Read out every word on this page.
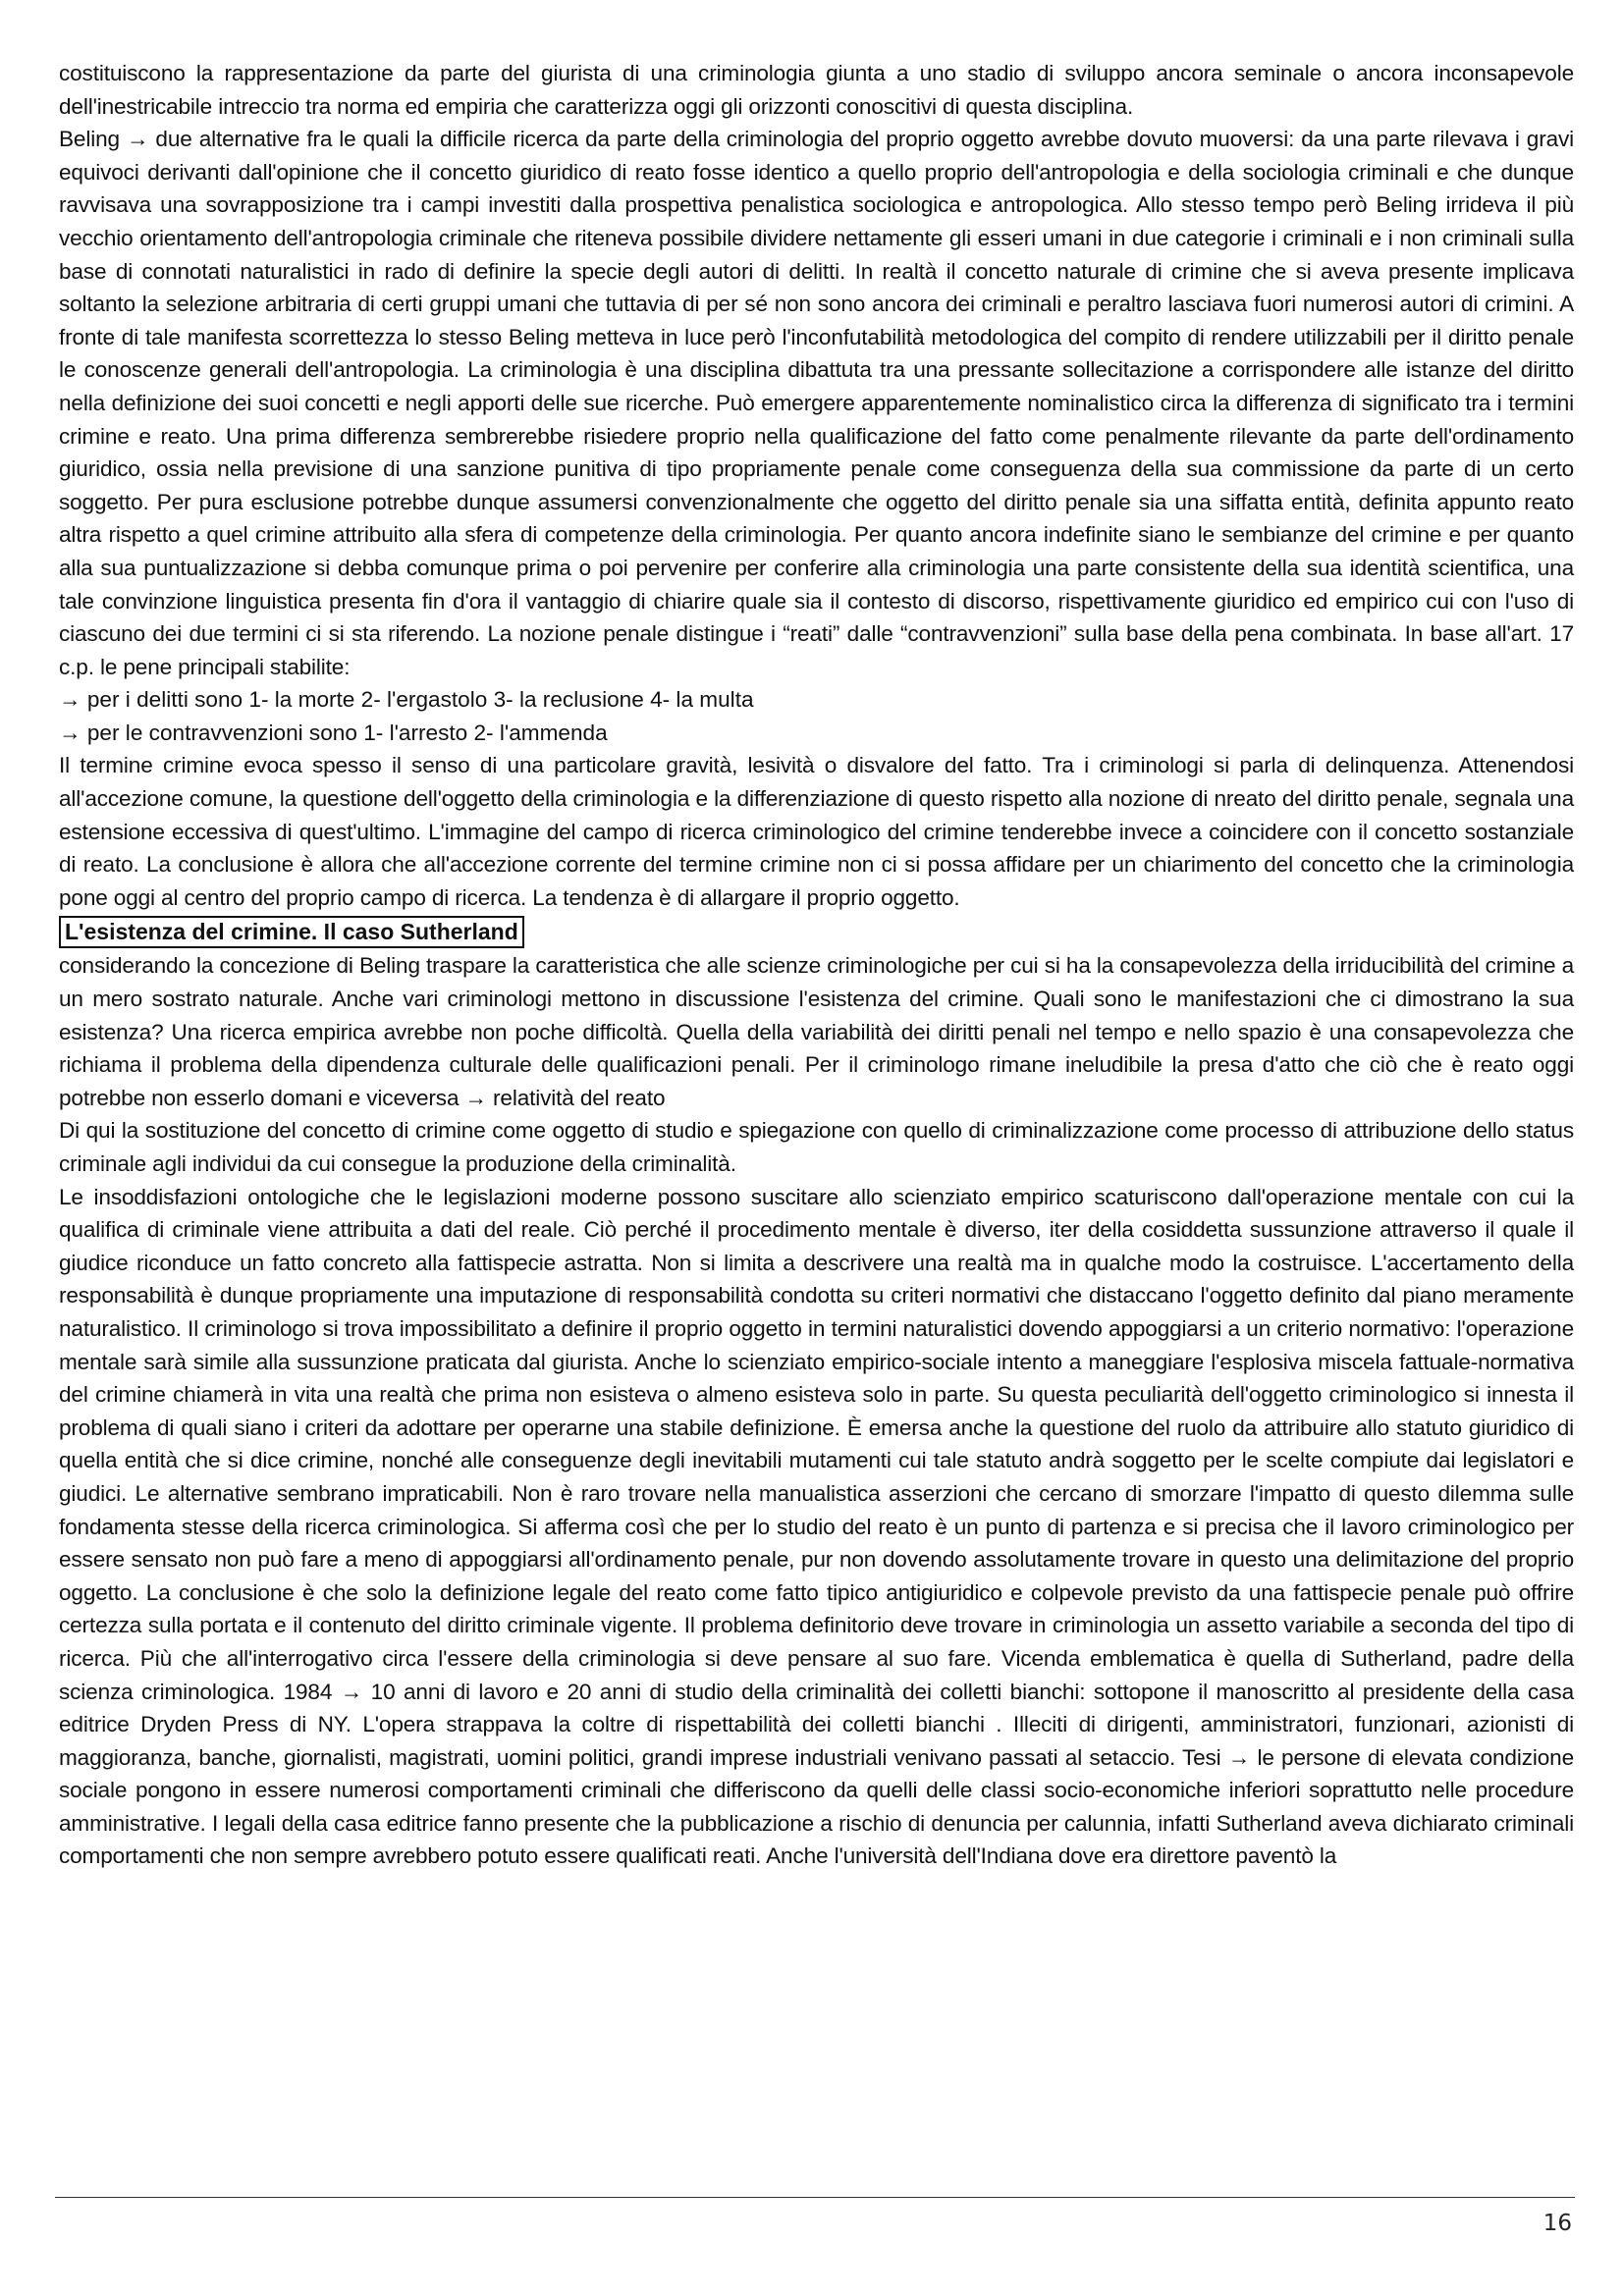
costituiscono la rappresentazione da parte del giurista di una criminologia giunta a uno stadio di sviluppo ancora seminale o ancora inconsapevole dell'inestricabile intreccio tra norma ed empiria che caratterizza oggi gli orizzonti conoscitivi di questa disciplina.

Beling → due alternative fra le quali la difficile ricerca da parte della criminologia del proprio oggetto avrebbe dovuto muoversi: da una parte rilevava i gravi equivoci derivanti dall'opinione che il concetto giuridico di reato fosse identico a quello proprio dell'antropologia e della sociologia criminali e che dunque ravvisava una sovrapposizione tra i campi investiti dalla prospettiva penalistica sociologica e antropologica. Allo stesso tempo però Beling irrideva il più vecchio orientamento dell'antropologia criminale che riteneva possibile dividere nettamente gli esseri umani in due categorie i criminali e i non criminali sulla base di connotati naturalistici in rado di definire la specie degli autori di delitti. In realtà il concetto naturale di crimine che si aveva presente implicava soltanto la selezione arbitraria di certi gruppi umani che tuttavia di per sé non sono ancora dei criminali e peraltro lasciava fuori numerosi autori di crimini. A fronte di tale manifesta scorrettezza lo stesso Beling metteva in luce però l'inconfutabilità metodologica del compito di rendere utilizzabili per il diritto penale le conoscenze generali dell'antropologia. La criminologia è una disciplina dibattuta tra una pressante sollecitazione a corrispondere alle istanze del diritto nella definizione dei suoi concetti e negli apporti delle sue ricerche. Può emergere apparentemente nominalistico circa la differenza di significato tra i termini crimine e reato. Una prima differenza sembrerebbe risiedere proprio nella qualificazione del fatto come penalmente rilevante da parte dell'ordinamento giuridico, ossia nella previsione di una sanzione punitiva di tipo propriamente penale come conseguenza della sua commissione da parte di un certo soggetto. Per pura esclusione potrebbe dunque assumersi convenzionalmente che oggetto del diritto penale sia una siffatta entità, definita appunto reato altra rispetto a quel crimine attribuito alla sfera di competenze della criminologia. Per quanto ancora indefinite siano le sembianze del crimine e per quanto alla sua puntualizzazione si debba comunque prima o poi pervenire per conferire alla criminologia una parte consistente della sua identità scientifica, una tale convinzione linguistica presenta fin d'ora il vantaggio di chiarire quale sia il contesto di discorso, rispettivamente giuridico ed empirico cui con l'uso di ciascuno dei due termini ci si sta riferendo. La nozione penale distingue i “reati” dalle “contravvenzioni” sulla base della pena combinata. In base all'art. 17 c.p. le pene principali stabilite:

→ per i delitti sono 1- la morte 2- l'ergastolo 3- la reclusione 4- la multa

→ per le contravvenzioni sono 1- l'arresto 2- l'ammenda

Il termine crimine evoca spesso il senso di una particolare gravità, lesività o disvalore del fatto. Tra i criminologi si parla di delinquenza. Attenendosi all'accezione comune, la questione dell'oggetto della criminologia e la differenziazione di questo rispetto alla nozione di nreato del diritto penale, segnala una estensione eccessiva di quest'ultimo. L'immagine del campo di ricerca criminologico del crimine tenderebbe invece a coincidere con il concetto sostanziale di reato. La conclusione è allora che all'accezione corrente del termine crimine non ci si possa affidare per un chiarimento del concetto che la criminologia pone oggi al centro del proprio campo di ricerca. La tendenza è di allargare il proprio oggetto.

L'esistenza del crimine. Il caso Sutherland

considerando la concezione di Beling traspare la caratteristica che alle scienze criminologiche per cui si ha la consapevolezza della irriducibilità del crimine a un mero sostrato naturale. Anche vari criminologi mettono in discussione l'esistenza del crimine. Quali sono le manifestazioni che ci dimostrano la sua esistenza? Una ricerca empirica avrebbe non poche difficoltà. Quella della variabilità dei diritti penali nel tempo e nello spazio è una consapevolezza che richiama il problema della dipendenza culturale delle qualificazioni penali. Per il criminologo rimane ineludibile la presa d'atto che ciò che è reato oggi potrebbe non esserlo domani e viceversa → relatività del reato

Di qui la sostituzione del concetto di crimine come oggetto di studio e spiegazione con quello di criminalizzazione come processo di attribuzione dello status criminale agli individui da cui consegue la produzione della criminalità.

Le insoddisfazioni ontologiche che le legislazioni moderne possono suscitare allo scienziato empirico scaturiscono dall'operazione mentale con cui la qualifica di criminale viene attribuita a dati del reale. Ciò perché il procedimento mentale è diverso, iter della cosiddetta sussunzione attraverso il quale il giudice riconduce un fatto concreto alla fattispecie astratta. Non si limita a descrivere una realtà ma in qualche modo la costruisce. L'accertamento della responsabilità è dunque propriamente una imputazione di responsabilità condotta su criteri normativi che distaccano l'oggetto definito dal piano meramente naturalistico. Il criminologo si trova impossibilitato a definire il proprio oggetto in termini naturalistici dovendo appoggiarsi a un criterio normativo: l'operazione mentale sarà simile alla sussunzione praticata dal giurista. Anche lo scienziato empirico-sociale intento a maneggiare l'esplosiva miscela fattuale-normativa del crimine chiamerà in vita una realtà che prima non esisteva o almeno esisteva solo in parte. Su questa peculiarità dell'oggetto criminologico si innesta il problema di quali siano i criteri da adottare per operarne una stabile definizione. È emersa anche la questione del ruolo da attribuire allo statuto giuridico di quella entità che si dice crimine, nonché alle conseguenze degli inevitabili mutamenti cui tale statuto andrà soggetto per le scelte compiute dai legislatori e giudici. Le alternative sembrano impraticabili. Non è raro trovare nella manualistica asserzioni che cercano di smorzare l'impatto di questo dilemma sulle fondamenta stesse della ricerca criminologica. Si afferma così che per lo studio del reato è un punto di partenza e si precisa che il lavoro criminologico per essere sensato non può fare a meno di appoggiarsi all'ordinamento penale, pur non dovendo assolutamente trovare in questo una delimitazione del proprio oggetto. La conclusione è che solo la definizione legale del reato come fatto tipico antigiuridico e colpevole previsto da una fattispecie penale può offrire certezza sulla portata e il contenuto del diritto criminale vigente. Il problema definitorio deve trovare in criminologia un assetto variabile a seconda del tipo di ricerca. Più che all'interrogativo circa l'essere della criminologia si deve pensare al suo fare. Vicenda emblematica è quella di Sutherland, padre della scienza criminologica. 1984 → 10 anni di lavoro e 20 anni di studio della criminalità dei colletti bianchi: sottopone il manoscritto al presidente della casa editrice Dryden Press di NY. L'opera strappava la coltre di rispettabilità dei colletti bianchi . Illeciti di dirigenti, amministratori, funzionari, azionisti di maggioranza, banche, giornalisti, magistrati, uomini politici, grandi imprese industriali venivano passati al setaccio. Tesi → le persone di elevata condizione sociale pongono in essere numerosi comportamenti criminali che differiscono da quelli delle classi socio-economiche inferiori soprattutto nelle procedure amministrative. I legali della casa editrice fanno presente che la pubblicazione a rischio di denuncia per calunnia, infatti Sutherland aveva dichiarato criminali comportamenti che non sempre avrebbero potuto essere qualificati reati. Anche l'università dell'Indiana dove era direttore paventò la

16
